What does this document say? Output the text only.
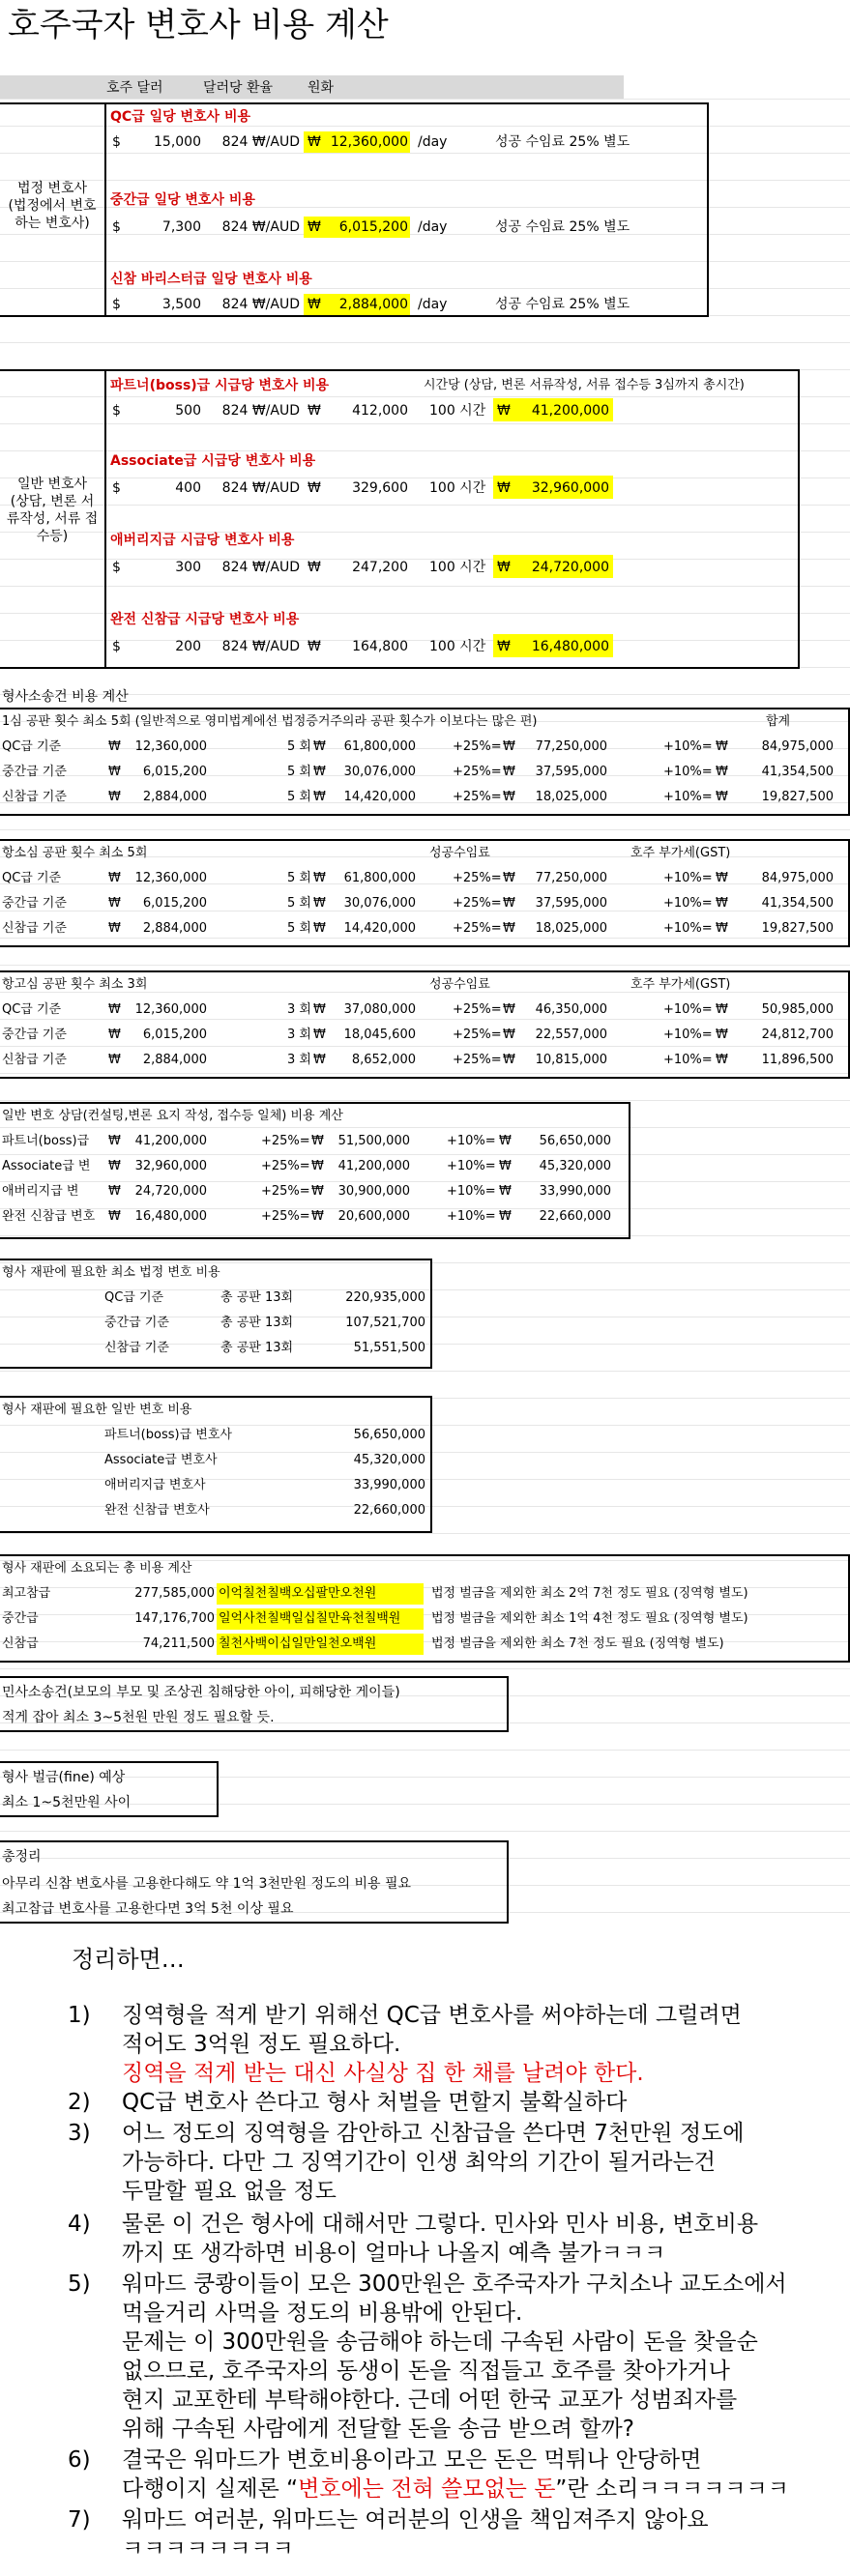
호주국자 변호사 비용 계산
호주 달러	달러당 환율	원화
법정 변호사
(법정에서 변호
하는 변호사)
QC급 일당 변호사 비용
$	15,000	824 ₩/AUD ₩ 12,360,000 /day	성공 수임료 25% 별도
중간급 일당 변호사 비용
$	7,300	824 ₩/AUD ₩	6,015,200 /day	성공 수임료 25% 별도
신참 바리스터급 일당 변호사 비용
$	3,500	824 ₩/AUD ₩	2,884,000 /day	성공 수임료 25% 별도
일반 변호사
(상담, 변론 서
류작성, 서류 접
수등)
시간당 (상담, 변론 서류작성, 서류 접수등 3심까지 총시간)
파트너(boss)급 시급당 변호사 비용
$	500	824 ₩/AUD ₩	412,000 100 시간 ₩	41,200,000
Associate급 시급당 변호사 비용
$	400	824 ₩/AUD ₩	329,600 100 시간 ₩	32,960,000
애버리지급 시급당 변호사 비용
$	300	824 ₩/AUD ₩	247,200 100 시간 ₩	24,720,000
완전 신참급 시급당 변호사 비용
$	200	824 ₩/AUD ₩	164,800 100 시간 ₩	16,480,000
형사소송건 비용 계산
1심 공판 횟수 최소 5회 (일반적으로 영미법계에선 법정증거주의라 공판 횟수가 이보다는 많은 편)	합계
QC급 기준	₩	12,360,000	5 회 ₩	61,800,000	+25%= ₩	77,250,000	+10%= ₩	84,975,000
중간급 기준	₩	6,015,200	5 회 ₩	30,076,000	+25%= ₩	37,595,000	+10%= ₩	41,354,500
신참급 기준	₩	2,884,000	5 회 ₩	14,420,000	+25%= ₩	18,025,000	+10%= ₩	19,827,500
항소심 공판 횟수 최소 5회	성공수임료	호주 부가세(GST)
QC급 기준	₩	12,360,000	5 회 ₩	61,800,000	+25%= ₩	77,250,000	+10%= ₩	84,975,000
중간급 기준	₩	6,015,200	5 회 ₩	30,076,000	+25%= ₩	37,595,000	+10%= ₩	41,354,500
신참급 기준	₩	2,884,000	5 회 ₩	14,420,000	+25%= ₩	18,025,000	+10%= ₩	19,827,500
항고심 공판 횟수 최소 3회	성공수임료	호주 부가세(GST)
QC급 기준	₩	12,360,000	3 회 ₩	37,080,000	+25%= ₩	46,350,000	+10%= ₩	50,985,000
중간급 기준	₩	6,015,200	3 회 ₩	18,045,600	+25%= ₩	22,557,000	+10%= ₩	24,812,700
신참급 기준	₩	2,884,000	3 회 ₩	8,652,000	+25%= ₩	10,815,000	+10%= ₩	11,896,500
일반 변호 상담(컨설팅,변론 요지 작성, 접수등 일체) 비용 계산
파트너(boss)급 ₩	41,200,000	+25%= ₩	51,500,000	+10%= ₩	56,650,000
Associate급 변 ₩	32,960,000	+25%= ₩	41,200,000	+10%= ₩	45,320,000
애버리지급 변 ₩	24,720,000	+25%= ₩	30,900,000	+10%= ₩	33,990,000
완전 신참급 변호 ₩	16,480,000	+25%= ₩	20,600,000	+10%= ₩	22,660,000
형사 재판에 필요한 최소 법정 변호 비용
QC급 기준	총 공판 13회	220,935,000
중간급 기준	총 공판 13회	107,521,700
신참급 기준	총 공판 13회	51,551,500
형사 재판에 필요한 일반 변호 비용
파트너(boss)급 변호사	56,650,000
Associate급 변호사	45,320,000
애버리지급 변호사	33,990,000
완전 신참급 변호사	22,660,000
형사 재판에 소요되는 총 비용 계산
최고참급	277,585,000 이억칠천칠백오십팔만오천원	법정 벌금을 제외한 최소 2억 7천 정도 필요 (징역형 별도)
중간급	147,176,700 일억사천칠백일십칠만육천칠백원	법정 벌금을 제외한 최소 1억 4천 정도 필요 (징역형 별도)
신참급	74,211,500 칠천사백이십일만일천오백원	법정 벌금을 제외한 최소 7천 정도 필요 (징역형 별도)
민사소송건(보모의 부모 및 조상권 침해당한 아이, 피해당한 게이들)
적게 잡아 최소 3~5천원 만원 정도 필요할 듯.
형사 벌금(fine) 예상
최소 1~5천만원 사이
총정리
아무리 신참 변호사를 고용한다해도 약 1억 3천만원 정도의 비용 필요
최고참급 변호사를 고용한다면 3억 5천 이상 필요
정리하면…
1)	징역형을 적게 받기 위해선 QC급 변호사를 써야하는데 그럴려면
적어도 3억원 정도 필요하다.
징역을 적게 받는 대신 사실상 집 한 채를 날려야 한다.
2)	QC급 변호사 쓴다고 형사 처벌을 면할지 불확실하다
3)	어느 정도의 징역형을 감안하고 신참급을 쓴다면 7천만원 정도에
가능하다. 다만 그 징역기간이 인생 최악의 기간이 될거라는건
두말할 필요 없을 정도
4)	물론 이 건은 형사에 대해서만 그렇다. 민사와 민사 비용, 변호비용
까지 또 생각하면 비용이 얼마나 나올지 예측 불가ㅋㅋㅋ
5)	워마드 쿵쾅이들이 모은 300만원은 호주국자가 구치소나 교도소에서
먹을거리 사먹을 정도의 비용밖에 안된다.
문제는 이 300만원을 송금해야 하는데 구속된 사람이 돈을 찾을순
없으므로, 호주국자의 동생이 돈을 직접들고 호주를 찾아가거나
현지 교포한테 부탁해야한다. 근데 어떤 한국 교포가 성범죄자를
위해 구속된 사람에게 전달할 돈을 송금 받으려 할까?
6)	결국은 워마드가 변호비용이라고 모은 돈은 먹튀나 안당하면
다행이지 실제론 “변호에는 전혀 쓸모없는 돈”란 소리ㅋㅋㅋㅋㅋㅋㅋ
7)	워마드 여러분, 워마드는 여러분의 인생을 책임져주지 않아요
ㅋㅋㅋㅋㅋㅋㅋㅋ
